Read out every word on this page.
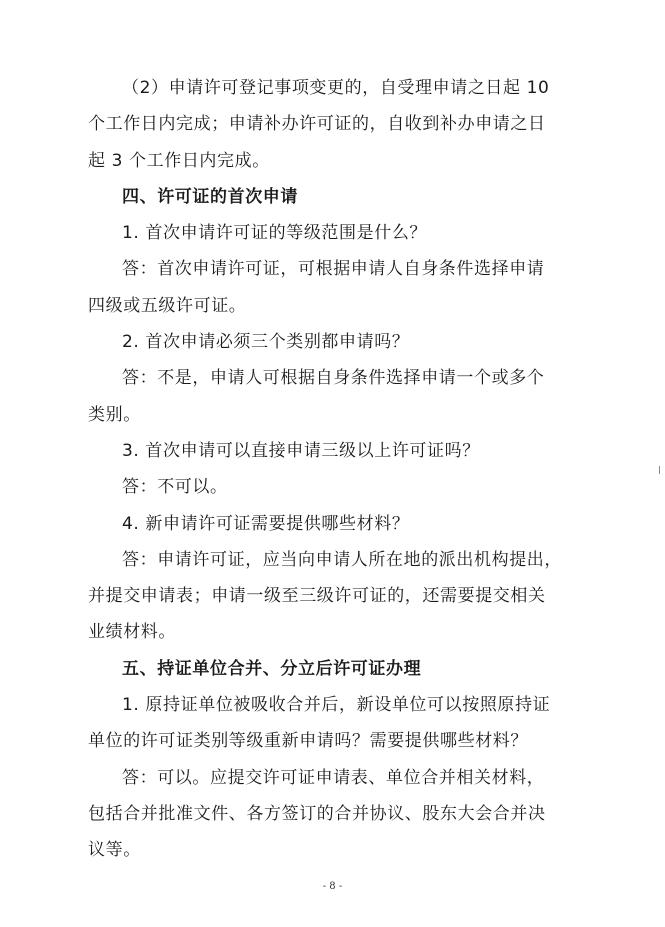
（2）申请许可登记事项变更的，自受理申请之日起 10
个工作日内完成；申请补办许可证的，自收到补办申请之日
起 3 个工作日内完成。
四、许可证的首次申请
1. 首次申请许可证的等级范围是什么？
答：首次申请许可证，可根据申请人自身条件选择申请
四级或五级许可证。
2. 首次申请必须三个类别都申请吗？
答：不是，申请人可根据自身条件选择申请一个或多个
类别。
3. 首次申请可以直接申请三级以上许可证吗？
答：不可以。
4. 新申请许可证需要提供哪些材料？
答：申请许可证，应当向申请人所在地的派出机构提出，
并提交申请表；申请一级至三级许可证的，还需要提交相关
业绩材料。
五、持证单位合并、分立后许可证办理
1. 原持证单位被吸收合并后，新设单位可以按照原持证
单位的许可证类别等级重新申请吗？需要提供哪些材料？
答：可以。应提交许可证申请表、单位合并相关材料，
包括合并批准文件、各方签订的合并协议、股东大会合并决
议等。
- 8 -
